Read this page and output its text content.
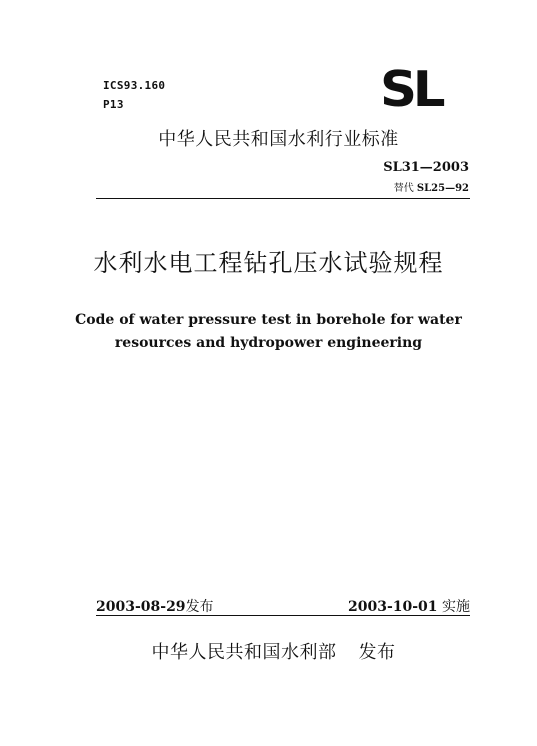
ICS93.160
P13	SL
中华人民共和国水利行业标准
SL31—2003
替代 SL25—92
水利水电工程钻孔压水试验规程
Code of water pressure test in borehole for water
resources and hydropower engineering
2003-08-29发布	2003-10-01 实施
中华人民共和国水利部 发布
